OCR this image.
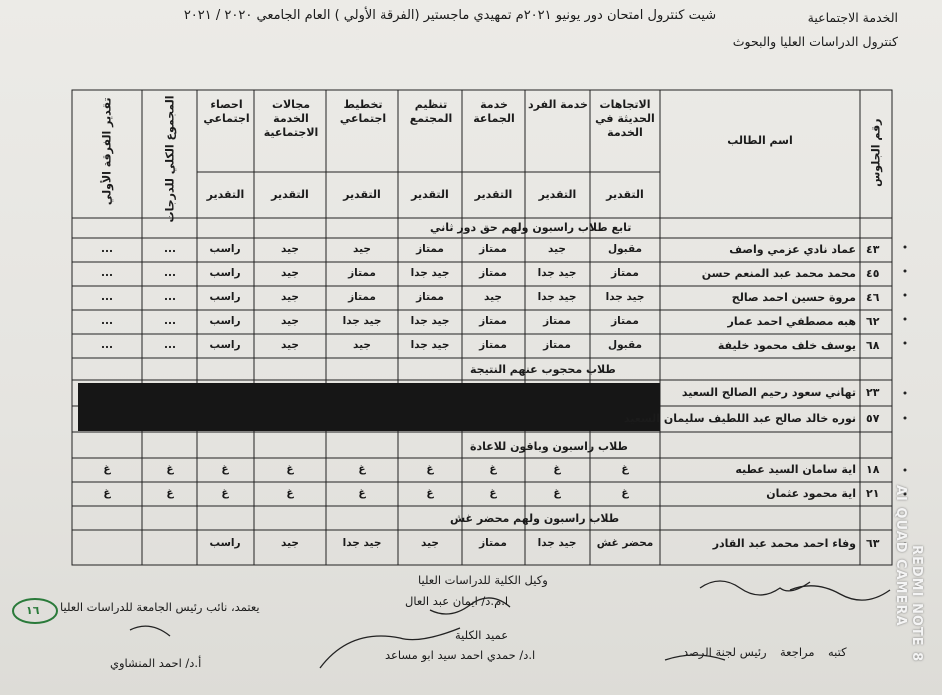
الخدمة الاجتماعية
كنترول الدراسات العليا والبحوث
شيت كنترول امتحان دور يونيو ٢٠٢١م تمهيدي ماجستير (الفرقة الأولي ) العام الجامعي ٢٠٢٠ / ٢٠٢١
رقم الجلوس
اسم الطالب
الاتجاهات الحديثة في الخدمة
خدمة الفرد
خدمة الجماعة
تنظيم المجتمع
تخطيط اجتماعي
مجالات الخدمة الاجتماعية
احصاء اجتماعي
التقدير
التقدير
التقدير
التقدير
التقدير
التقدير
التقدير
المجموع الكلي للدرجات
تقدير الفرقة الأولي
تابع طلاب راسبون ولهم حق دور ثاني
طلاب محجوب عنهم النتيجة
طلاب راسبون وباقون للاعادة
طلاب راسبون ولهم محضر غش
٤٣
عماد نادي عزمي واصف
مقبول
جيد
ممتاز
ممتاز
جيد
جيد
راسب
...
...
٤٥
محمد محمد عبد المنعم حسن
ممتاز
جيد جدا
ممتاز
جيد جدا
ممتاز
جيد
راسب
...
...
٤٦
مروة حسين احمد صالح
جيد جدا
جيد جدا
جيد
ممتاز
ممتاز
جيد
راسب
...
...
٦٢
هبه مصطفي احمد عمار
ممتاز
ممتاز
ممتاز
جيد جدا
جيد جدا
جيد
راسب
...
...
٦٨
يوسف خلف محمود خليفة
مقبول
ممتاز
ممتاز
جيد جدا
جيد
جيد
راسب
...
...
٢٣
تهاني سعود رحيم الصالح السعيد
٥٧
نوره خالد صالح عبد اللطيف سليمان السعيد
١٨
اية سامان السيد عطيه
غ
غ
غ
غ
غ
غ
غ
غ
غ
٢١
اية محمود عثمان
غ
غ
غ
غ
غ
غ
غ
غ
غ
٦٣
وفاء احمد محمد عبد القادر
محضر غش
جيد جدا
ممتاز
جيد
جيد جدا
جيد
راسب
وكيل الكلية للدراسات العليا
ا.م.د/ ايمان عبد العال
عميد الكلية
ا.د/ حمدي احمد سيد ابو مساعد
يعتمد، نائب رئيس الجامعة للدراسات العليا
أ.د/ احمد المنشاوي
رئيس لجنة الرصد مراجعة كتبه
١٦	REDMI NOTE 8
AI QUAD CAMERA
